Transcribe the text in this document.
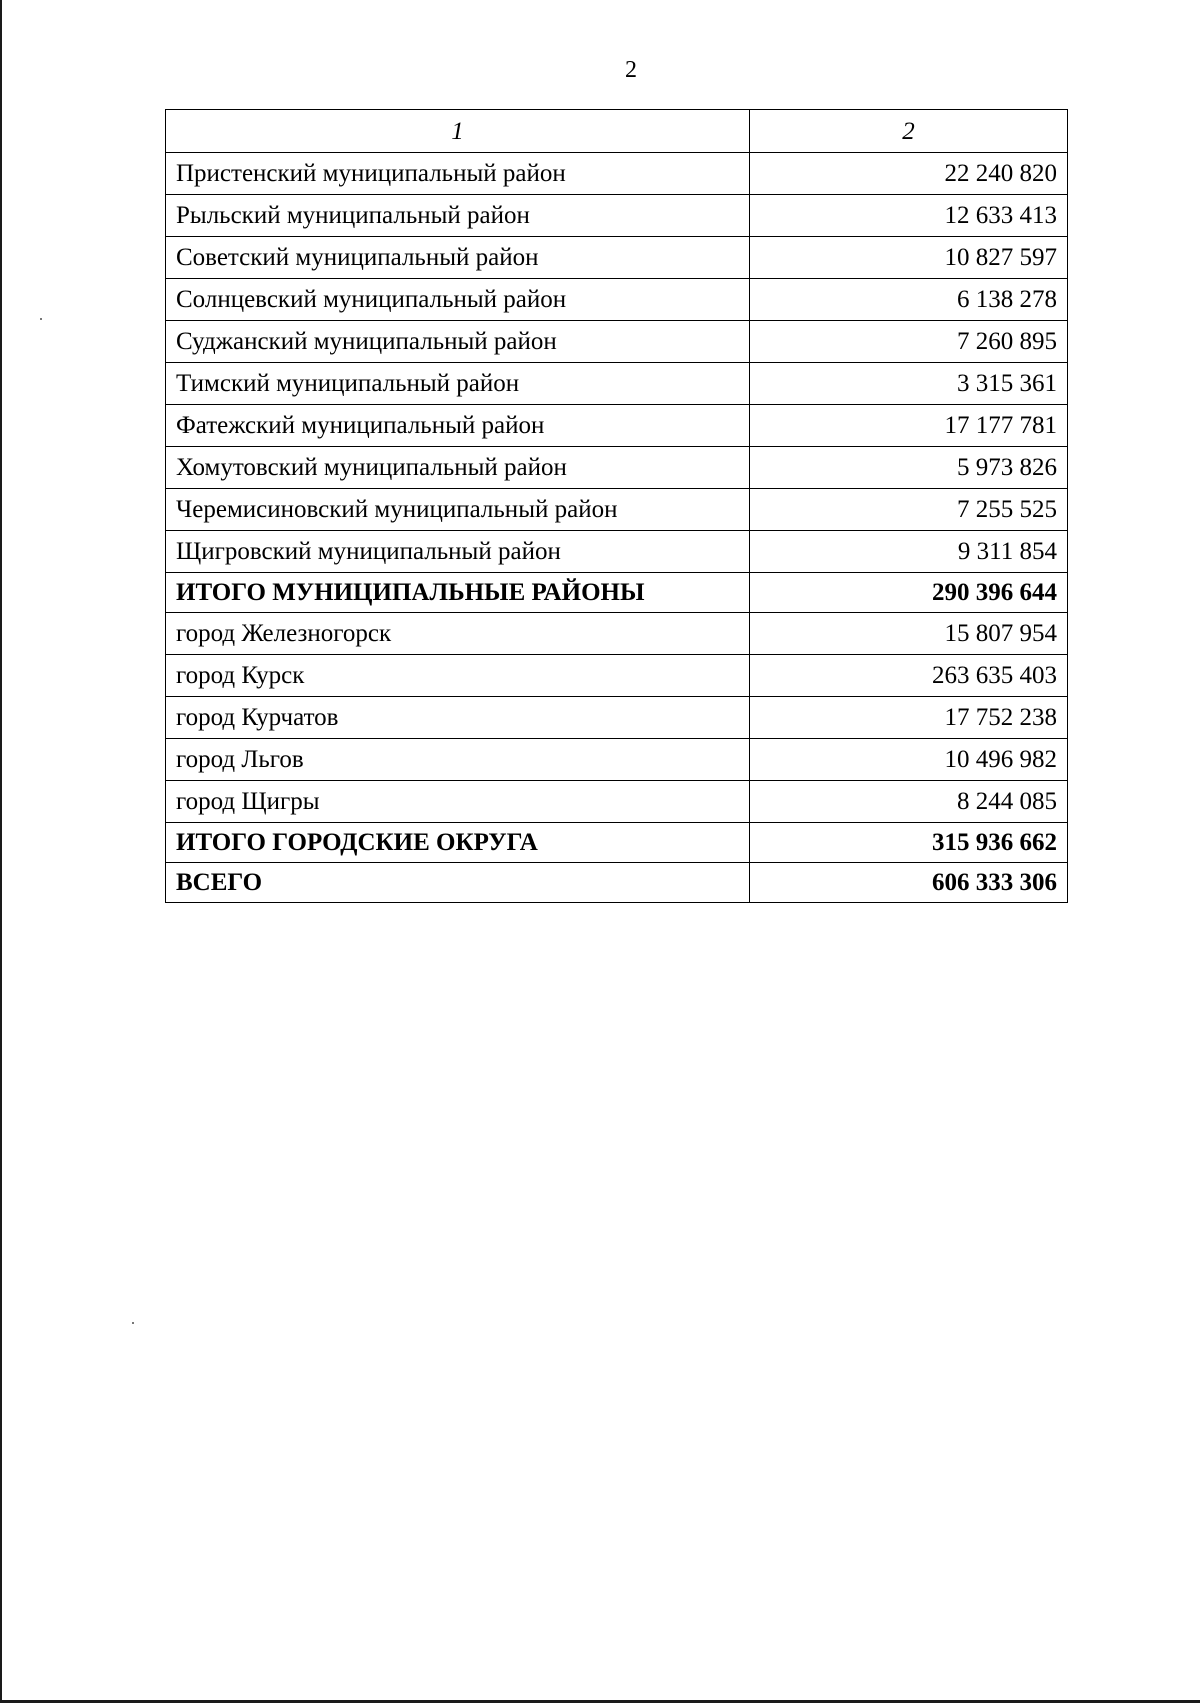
2
1	2
Пристенский муниципальный район	22 240 820
Рыльский муниципальный район	12 633 413
Советский муниципальный район	10 827 597
Солнцевский муниципальный район	6 138 278
Суджанский муниципальный район	7 260 895
Тимский муниципальный район	3 315 361
Фатежский муниципальный район	17 177 781
Хомутовский муниципальный район	5 973 826
Черемисиновский муниципальный район	7 255 525
Щигровский муниципальный район	9 311 854
ИТОГО МУНИЦИПАЛЬНЫЕ РАЙОНЫ	290 396 644
город Железногорск	15 807 954
город Курск	263 635 403
город Курчатов	17 752 238
город Льгов	10 496 982
город Щигры	8 244 085
ИТОГО ГОРОДСКИЕ ОКРУГА	315 936 662
ВСЕГО	606 333 306
